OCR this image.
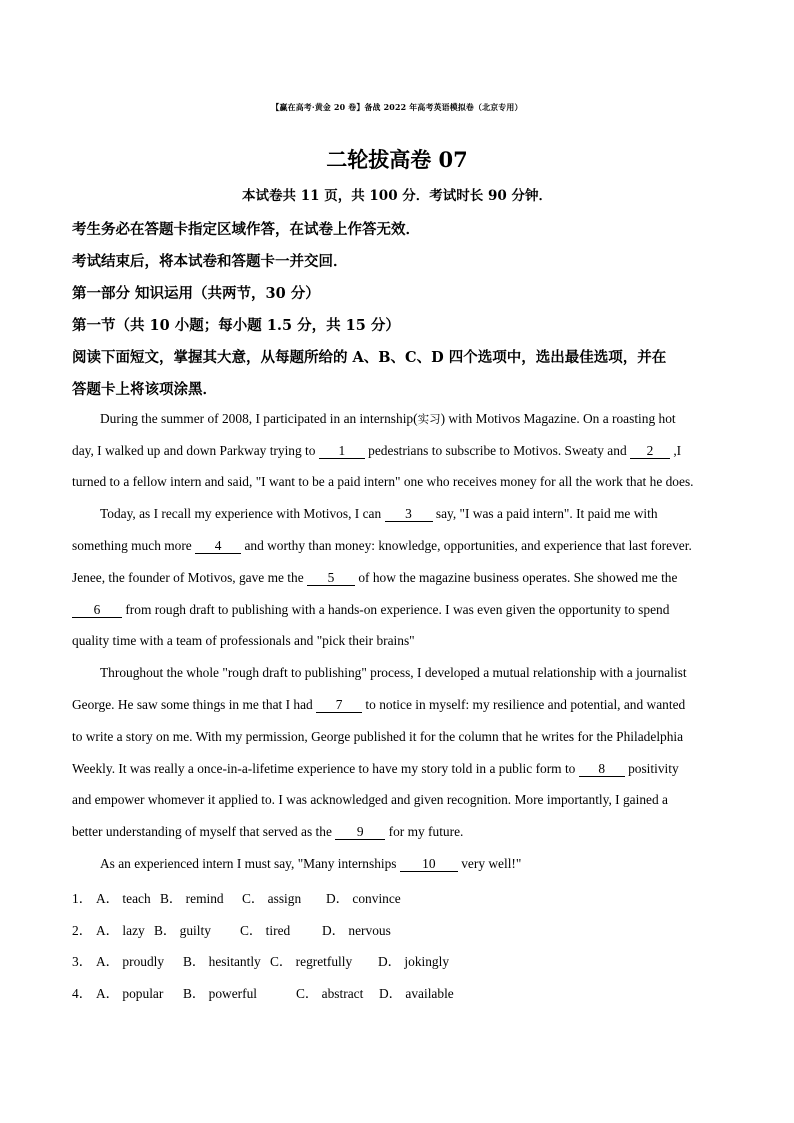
【赢在高考·黄金 20 卷】备战 2022 年高考英语模拟卷（北京专用）
二轮拔高卷 07
本试卷共 11 页，共 100 分．考试时长 90 分钟．
考生务必在答题卡指定区域作答，在试卷上作答无效．
考试结束后，将本试卷和答题卡一并交回．
第一部分 知识运用（共两节，30 分）
第一节（共 10 小题；每小题 1.5 分，共 15 分）
阅读下面短文，掌握其大意，从每题所给的 A、B、C、D 四个选项中，选出最佳选项，并在
答题卡上将该项涂黑．
During the summer of 2008, I participated in an internship(实习) with Motivos Magazine. On a roasting hot
day, I walked up and down Parkway trying to 1 pedestrians to subscribe to Motivos. Sweaty and 2 ,I
turned to a fellow intern and said, "I want to be a paid intern" one who receives money for all the work that he does.
Today, as I recall my experience with Motivos, I can 3 say, "I was a paid intern". It paid me with
something much more 4 and worthy than money: knowledge, opportunities, and experience that last forever.
Jenee, the founder of Motivos, gave me the 5 of how the magazine business operates. She showed me the
6 from rough draft to publishing with a hands-on experience. I was even given the opportunity to spend
quality time with a team of professionals and "pick their brains"
Throughout the whole "rough draft to publishing" process, I developed a mutual relationship with a journalist
George. He saw some things in me that I had 7 to notice in myself: my resilience and potential, and wanted
to write a story on me. With my permission, George published it for the column that he writes for the Philadelphia
Weekly. It was really a once-in-a-lifetime experience to have my story told in a public form to 8 positivity
and empower whomever it applied to. I was acknowledged and given recognition. More importantly, I gained a
better understanding of myself that served as the 9 for my future.
As an experienced intern I must say, "Many internships 10 very well!"
1． A． teach B． remind C． assign D． convince
2． A． lazy B． guilty C． tired D． nervous
3． A． proudly B． hesitantly C． regretfully D． jokingly
4． A． popular B． powerful	C． abstract D． available
